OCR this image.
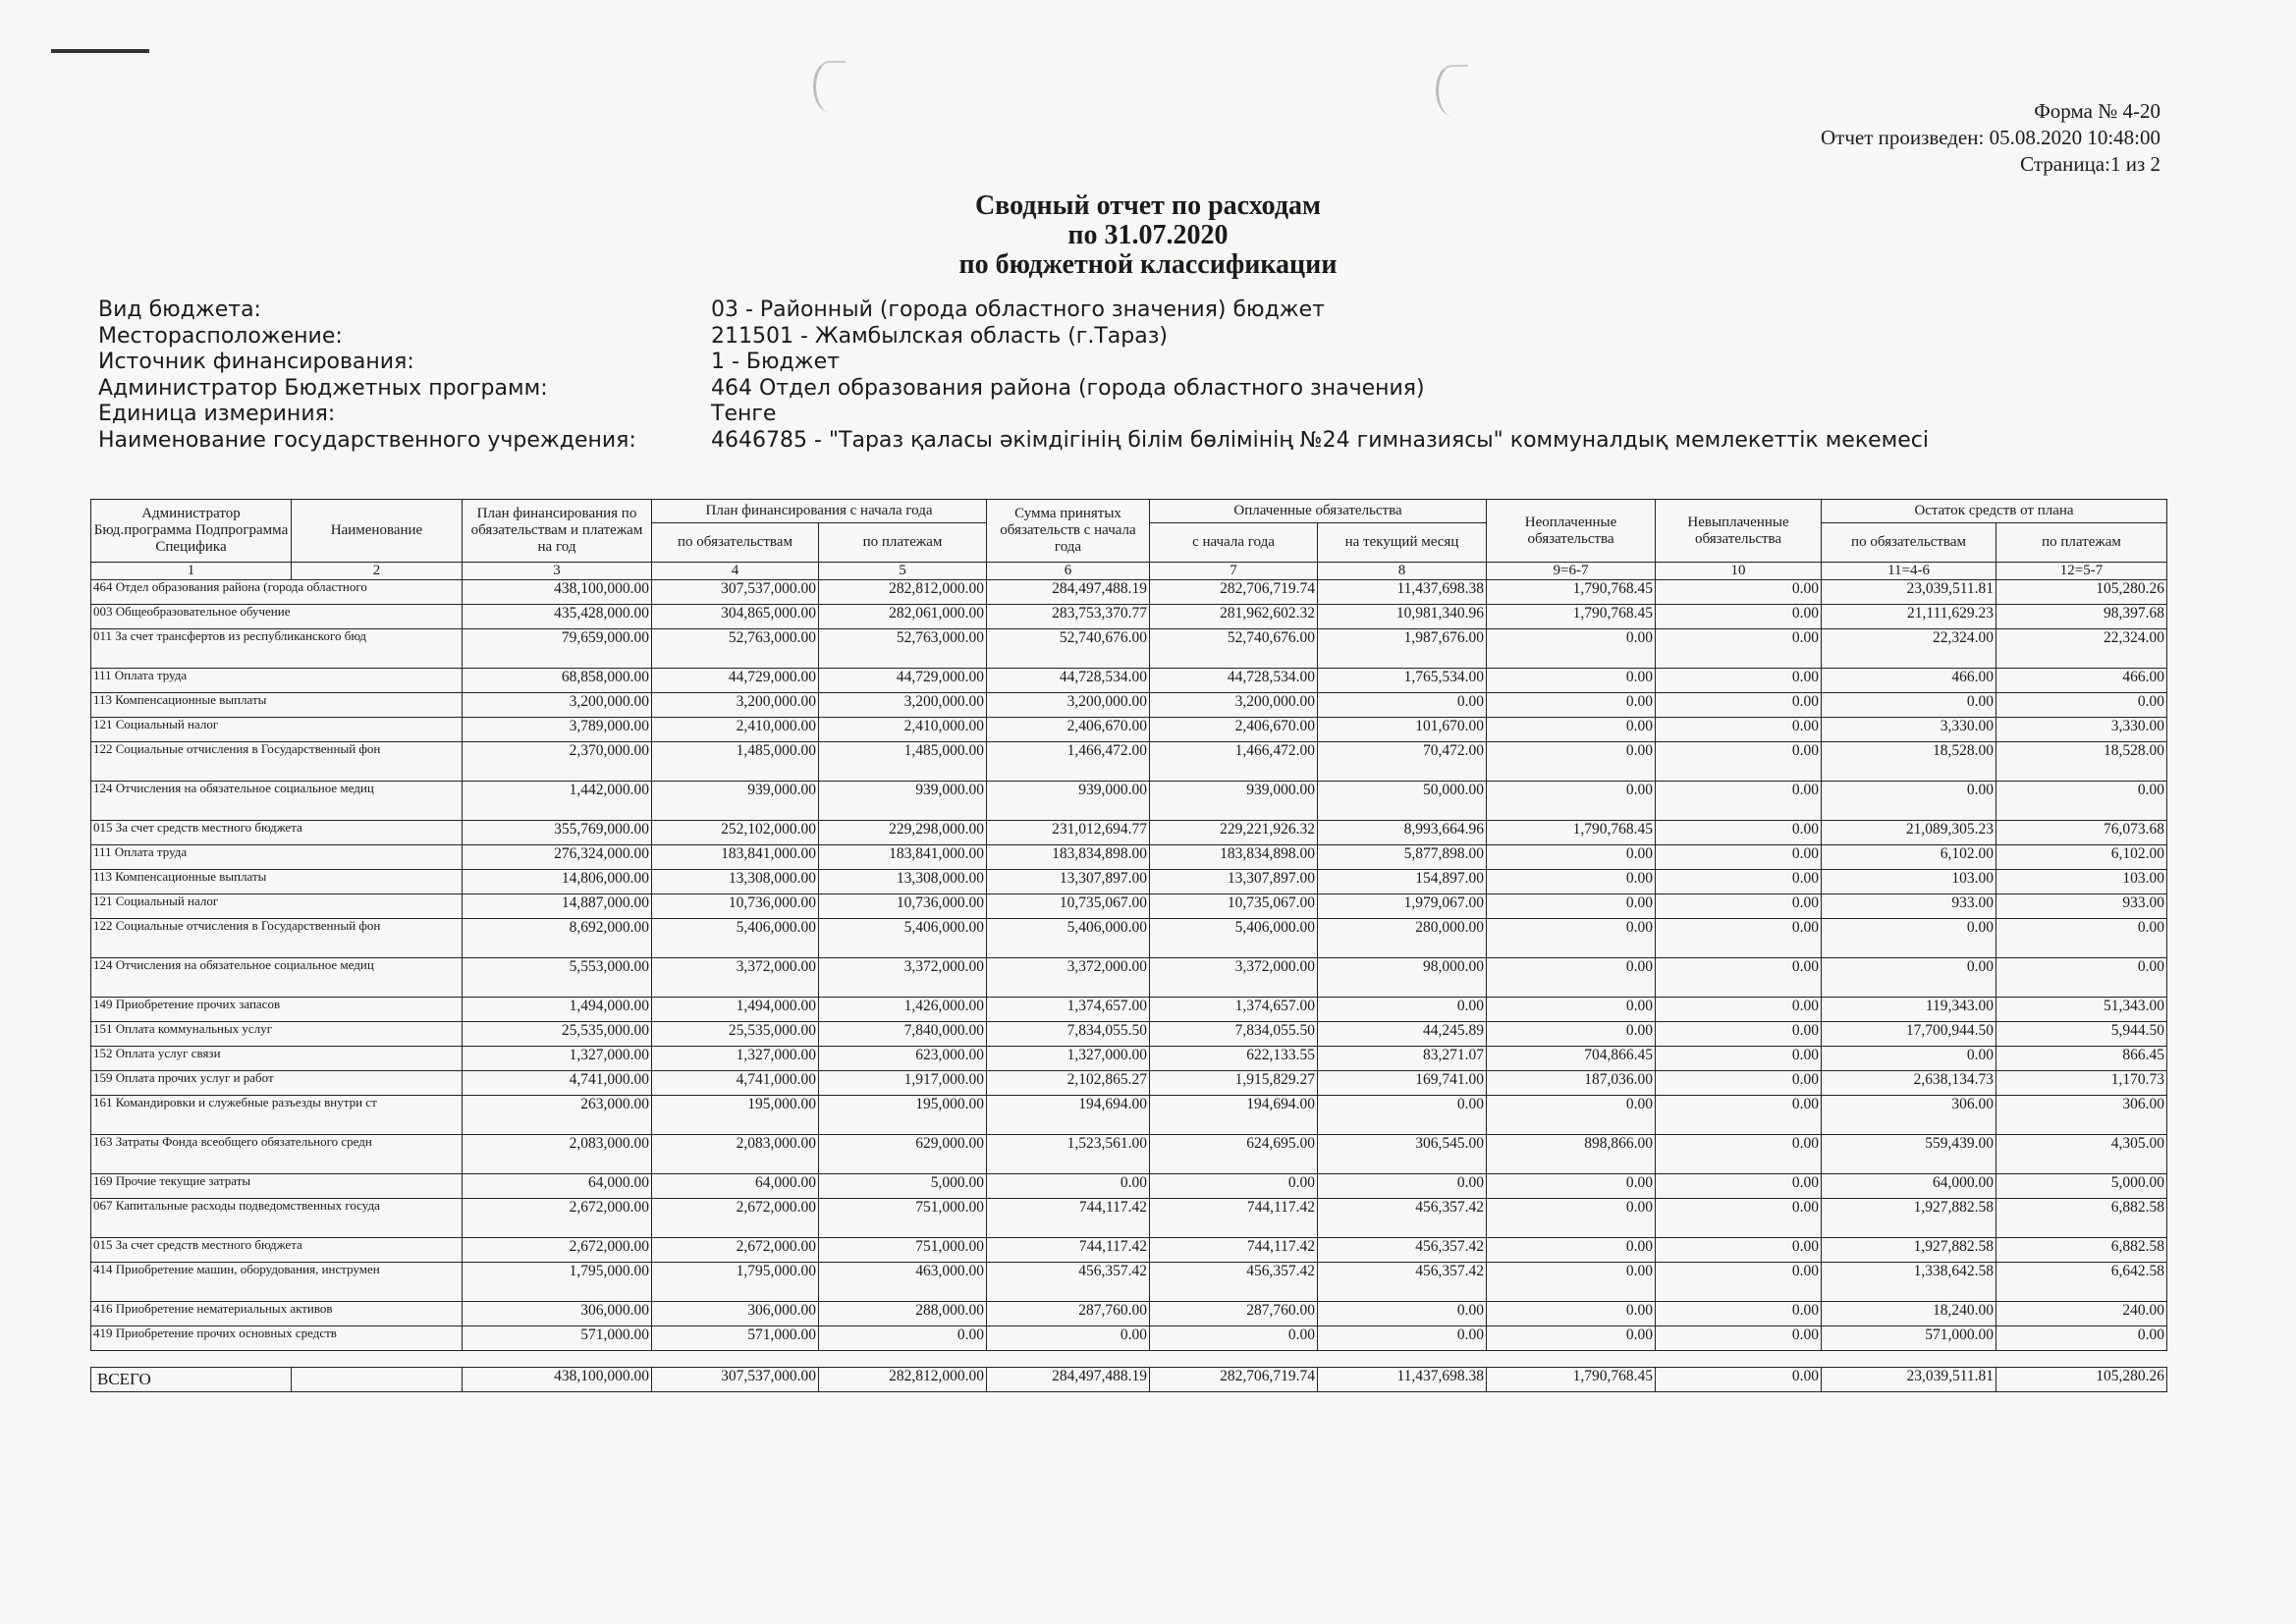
Форма № 4-20
Отчет произведен: 05.08.2020 10:48:00
Страница:1 из 2
Сводный отчет по расходам
по 31.07.2020
по бюджетной классификации
Вид бюджета:	03 - Районный (города областного значения) бюджет
Месторасположение:	211501 - Жамбылская область (г.Тараз)
Источник финансирования:	1 - Бюджет
Администратор Бюджетных программ:	464 Отдел образования района (города областного значения)
Единица измериния:	Тенге
Наименование государственного учреждения:	4646785 - "Тараз қаласы әкімдігінің білім бөлімінің №24 гимназиясы" коммуналдық мемлекеттік мекемесі
Администратор Бюд.программа Подпрограмма Специфика	Наименование	План финансирования по обязательствам и платежам на год	План финансирования с начала года		Сумма принятых обязательств с начала года	Оплаченные обязательства		Неоплаченные обязательства	Невыплаченные обязательства	Остаток средств от плана	
			по обязательствам	по платежам		с начала года	на текущий месяц			по обязательствам	по платежам
1	2	3	4	5	6	7	8	9=6-7	10	11=4-6	12=5-7
464 Отдел образования района (города областного		438,100,000.00	307,537,000.00	282,812,000.00	284,497,488.19	282,706,719.74	11,437,698.38	1,790,768.45	0.00	23,039,511.81	105,280.26
003 Общеобразовательное обучение		435,428,000.00	304,865,000.00	282,061,000.00	283,753,370.77	281,962,602.32	10,981,340.96	1,790,768.45	0.00	21,111,629.23	98,397.68
011 За счет трансфертов из республиканского бюд		79,659,000.00	52,763,000.00	52,763,000.00	52,740,676.00	52,740,676.00	1,987,676.00	0.00	0.00	22,324.00	22,324.00
111 Оплата труда		68,858,000.00	44,729,000.00	44,729,000.00	44,728,534.00	44,728,534.00	1,765,534.00	0.00	0.00	466.00	466.00
113 Компенсационные выплаты		3,200,000.00	3,200,000.00	3,200,000.00	3,200,000.00	3,200,000.00	0.00	0.00	0.00	0.00	0.00
121 Социальный налог		3,789,000.00	2,410,000.00	2,410,000.00	2,406,670.00	2,406,670.00	101,670.00	0.00	0.00	3,330.00	3,330.00
122 Социальные отчисления в Государственный фон		2,370,000.00	1,485,000.00	1,485,000.00	1,466,472.00	1,466,472.00	70,472.00	0.00	0.00	18,528.00	18,528.00
124 Отчисления на обязательное социальное медиц		1,442,000.00	939,000.00	939,000.00	939,000.00	939,000.00	50,000.00	0.00	0.00	0.00	0.00
015 За счет средств местного бюджета		355,769,000.00	252,102,000.00	229,298,000.00	231,012,694.77	229,221,926.32	8,993,664.96	1,790,768.45	0.00	21,089,305.23	76,073.68
111 Оплата труда		276,324,000.00	183,841,000.00	183,841,000.00	183,834,898.00	183,834,898.00	5,877,898.00	0.00	0.00	6,102.00	6,102.00
113 Компенсационные выплаты		14,806,000.00	13,308,000.00	13,308,000.00	13,307,897.00	13,307,897.00	154,897.00	0.00	0.00	103.00	103.00
121 Социальный налог		14,887,000.00	10,736,000.00	10,736,000.00	10,735,067.00	10,735,067.00	1,979,067.00	0.00	0.00	933.00	933.00
122 Социальные отчисления в Государственный фон		8,692,000.00	5,406,000.00	5,406,000.00	5,406,000.00	5,406,000.00	280,000.00	0.00	0.00	0.00	0.00
124 Отчисления на обязательное социальное медиц		5,553,000.00	3,372,000.00	3,372,000.00	3,372,000.00	3,372,000.00	98,000.00	0.00	0.00	0.00	0.00
149 Приобретение прочих запасов		1,494,000.00	1,494,000.00	1,426,000.00	1,374,657.00	1,374,657.00	0.00	0.00	0.00	119,343.00	51,343.00
151 Оплата коммунальных услуг		25,535,000.00	25,535,000.00	7,840,000.00	7,834,055.50	7,834,055.50	44,245.89	0.00	0.00	17,700,944.50	5,944.50
152 Оплата услуг связи		1,327,000.00	1,327,000.00	623,000.00	1,327,000.00	622,133.55	83,271.07	704,866.45	0.00	0.00	866.45
159 Оплата прочих услуг и работ		4,741,000.00	4,741,000.00	1,917,000.00	2,102,865.27	1,915,829.27	169,741.00	187,036.00	0.00	2,638,134.73	1,170.73
161 Командировки и служебные разъезды внутри ст		263,000.00	195,000.00	195,000.00	194,694.00	194,694.00	0.00	0.00	0.00	306.00	306.00
163 Затраты Фонда всеобщего обязательного средн		2,083,000.00	2,083,000.00	629,000.00	1,523,561.00	624,695.00	306,545.00	898,866.00	0.00	559,439.00	4,305.00
169 Прочие текущие затраты		64,000.00	64,000.00	5,000.00	0.00	0.00	0.00	0.00	0.00	64,000.00	5,000.00
067 Капитальные расходы подведомственных госуда		2,672,000.00	2,672,000.00	751,000.00	744,117.42	744,117.42	456,357.42	0.00	0.00	1,927,882.58	6,882.58
015 За счет средств местного бюджета		2,672,000.00	2,672,000.00	751,000.00	744,117.42	744,117.42	456,357.42	0.00	0.00	1,927,882.58	6,882.58
414 Приобретение машин, оборудования, инструмен		1,795,000.00	1,795,000.00	463,000.00	456,357.42	456,357.42	456,357.42	0.00	0.00	1,338,642.58	6,642.58
416 Приобретение нематериальных активов		306,000.00	306,000.00	288,000.00	287,760.00	287,760.00	0.00	0.00	0.00	18,240.00	240.00
419 Приобретение прочих основных средств		571,000.00	571,000.00	0.00	0.00	0.00	0.00	0.00	0.00	571,000.00	0.00

ВСЕГО		438,100,000.00	307,537,000.00	282,812,000.00	284,497,488.19	282,706,719.74	11,437,698.38	1,790,768.45	0.00	23,039,511.81	105,280.26
